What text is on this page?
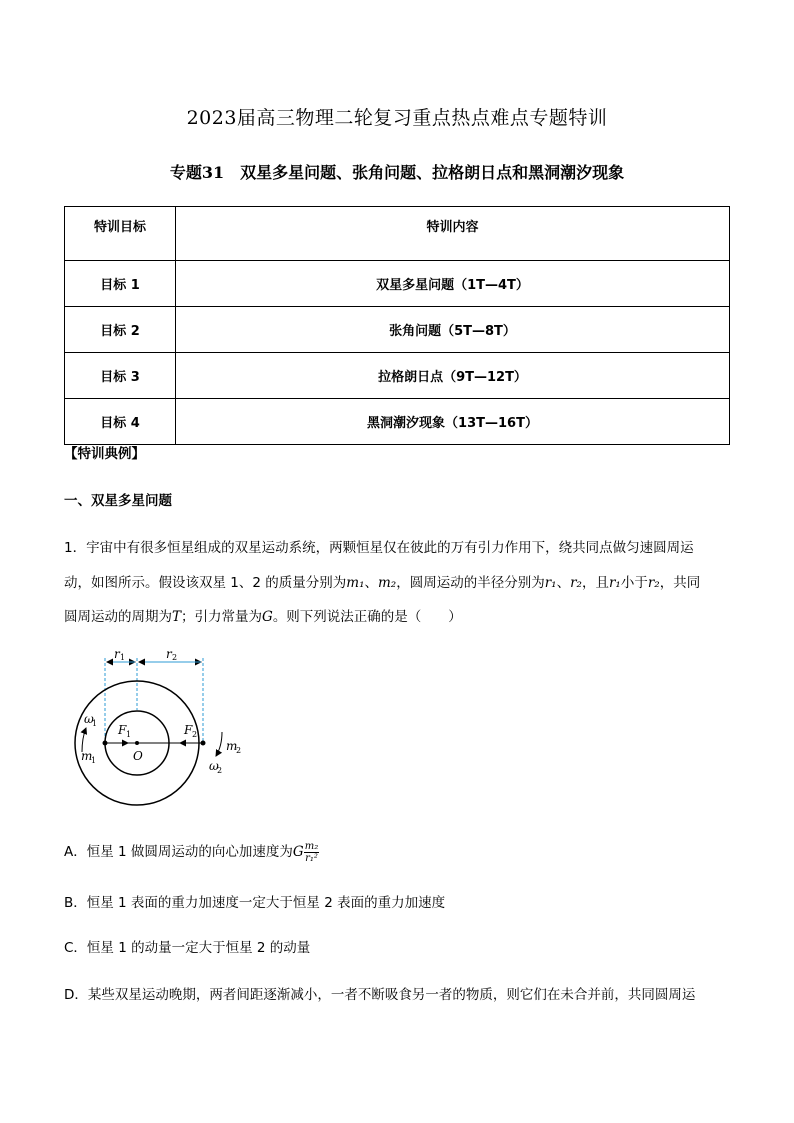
2023届高三物理二轮复习重点热点难点专题特训
专题31　双星多星问题、张角问题、拉格朗日点和黑洞潮汐现象
特训目标	特训内容
目标 1	双星多星问题（1T—4T）
目标 2	张角问题（5T—8T）
目标 3	拉格朗日点（9T—12T）
目标 4	黑洞潮汐现象（13T—16T）
【特训典例】
一、双星多星问题
1．宇宙中有很多恒星组成的双星运动系统，两颗恒星仅在彼此的万有引力作用下，绕共同点做匀速圆周运
动，如图所示。假设该双星 1、2 的质量分别为m₁、m₂，圆周运动的半径分别为r₁、r₂，且r₁小于r₂，共同
圆周运动的周期为T；引力常量为G。则下列说法正确的是（　　）
r 1	r 2
ω
1
m
1
F 1
O
F 2
m
2
ω
2
A．恒星 1 做圆周运动的向心加速度为G $\frac{\text{m₂}}{\text{r₁²}}$
B．恒星 1 表面的重力加速度一定大于恒星 2 表面的重力加速度
C．恒星 1 的动量一定大于恒星 2 的动量
D．某些双星运动晚期，两者间距逐渐减小，一者不断吸食另一者的物质，则它们在未合并前，共同圆周运
